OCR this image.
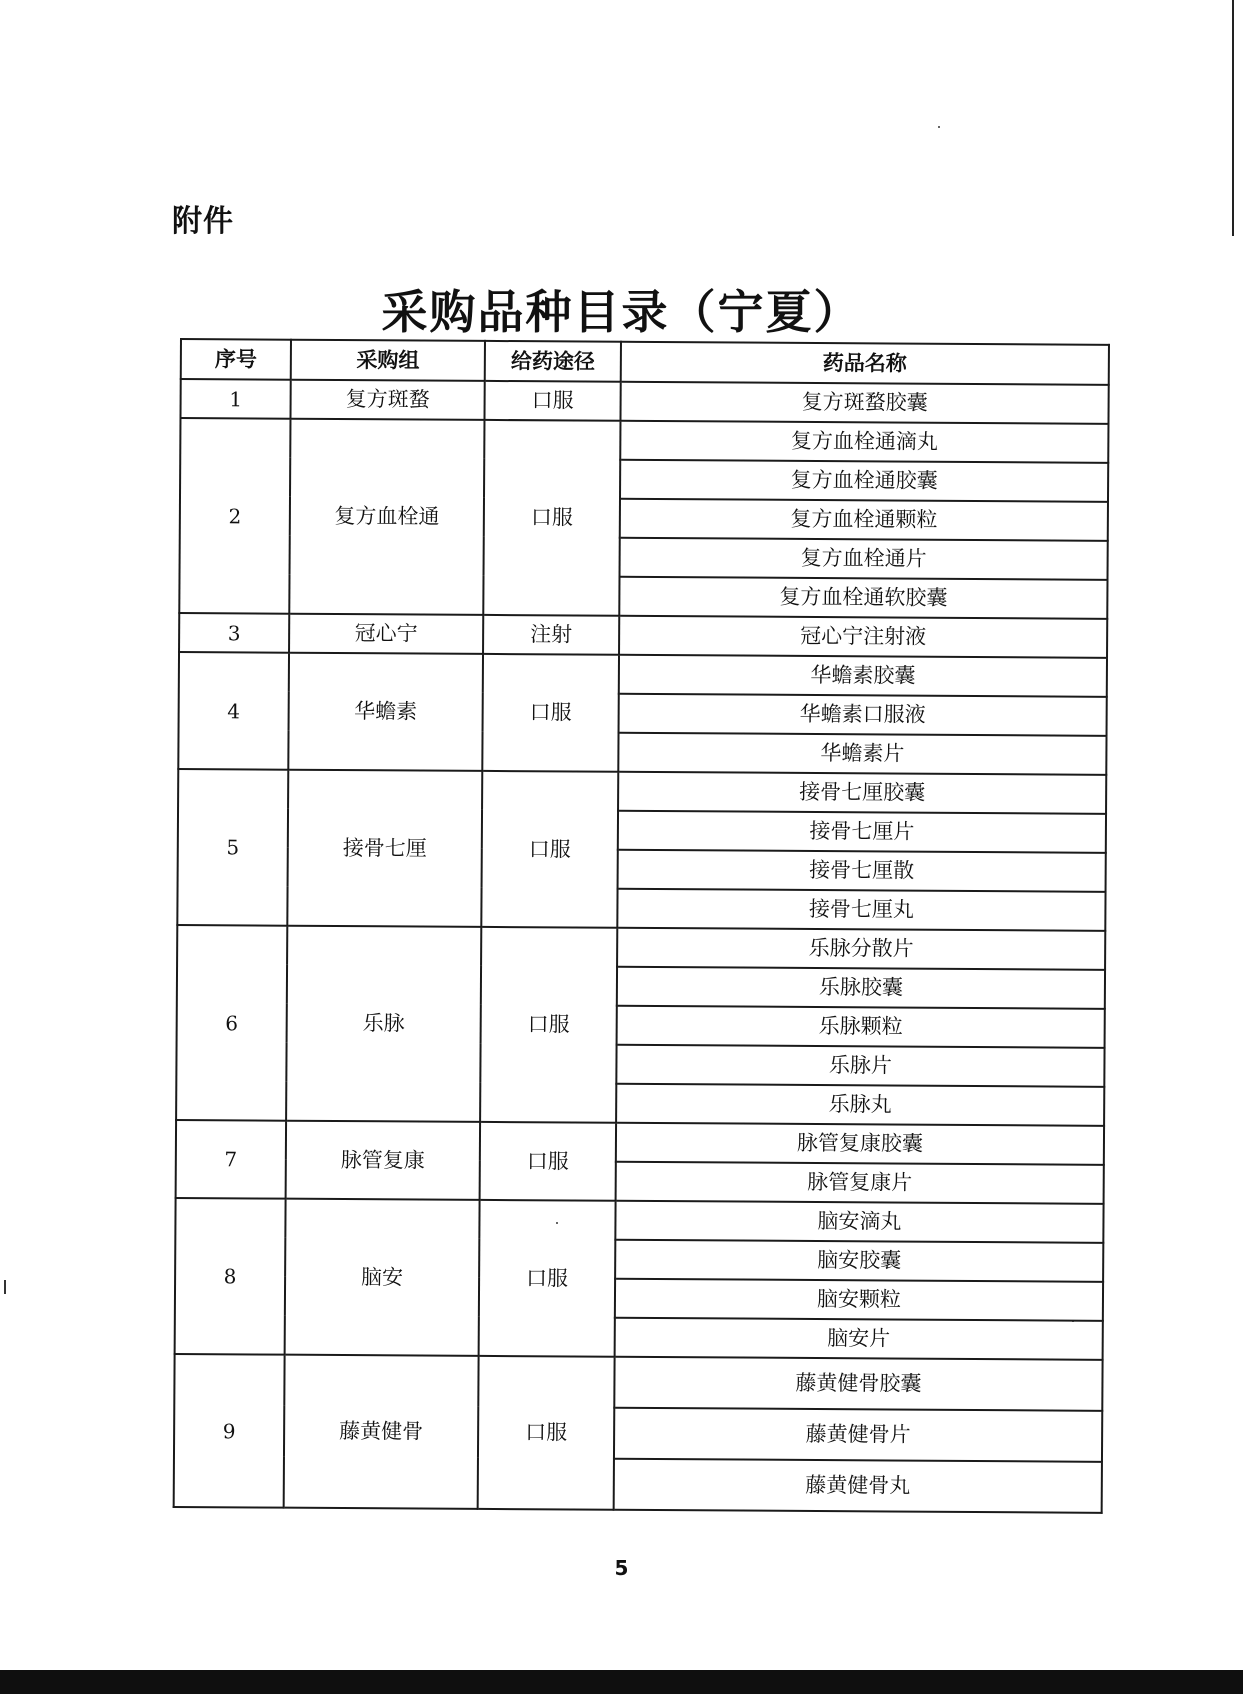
附件
采购品种目录（宁夏）
序号	采购组	给药途径	药品名称
1	复方斑蝥	口服	复方斑蝥胶囊
2	复方血栓通	口服	复方血栓通滴丸
			复方血栓通胶囊
			复方血栓通颗粒
			复方血栓通片
			复方血栓通软胶囊
3	冠心宁	注射	冠心宁注射液
4	华蟾素	口服	华蟾素胶囊
			华蟾素口服液
			华蟾素片
5	接骨七厘	口服	接骨七厘胶囊
			接骨七厘片
			接骨七厘散
			接骨七厘丸
6	乐脉	口服	乐脉分散片
			乐脉胶囊
			乐脉颗粒
			乐脉片
			乐脉丸
7	脉管复康	口服	脉管复康胶囊
			脉管复康片
8	脑安	口服	脑安滴丸
			脑安胶囊
			脑安颗粒
			脑安片
9	藤黄健骨	口服	藤黄健骨胶囊
			藤黄健骨片
			藤黄健骨丸
5
